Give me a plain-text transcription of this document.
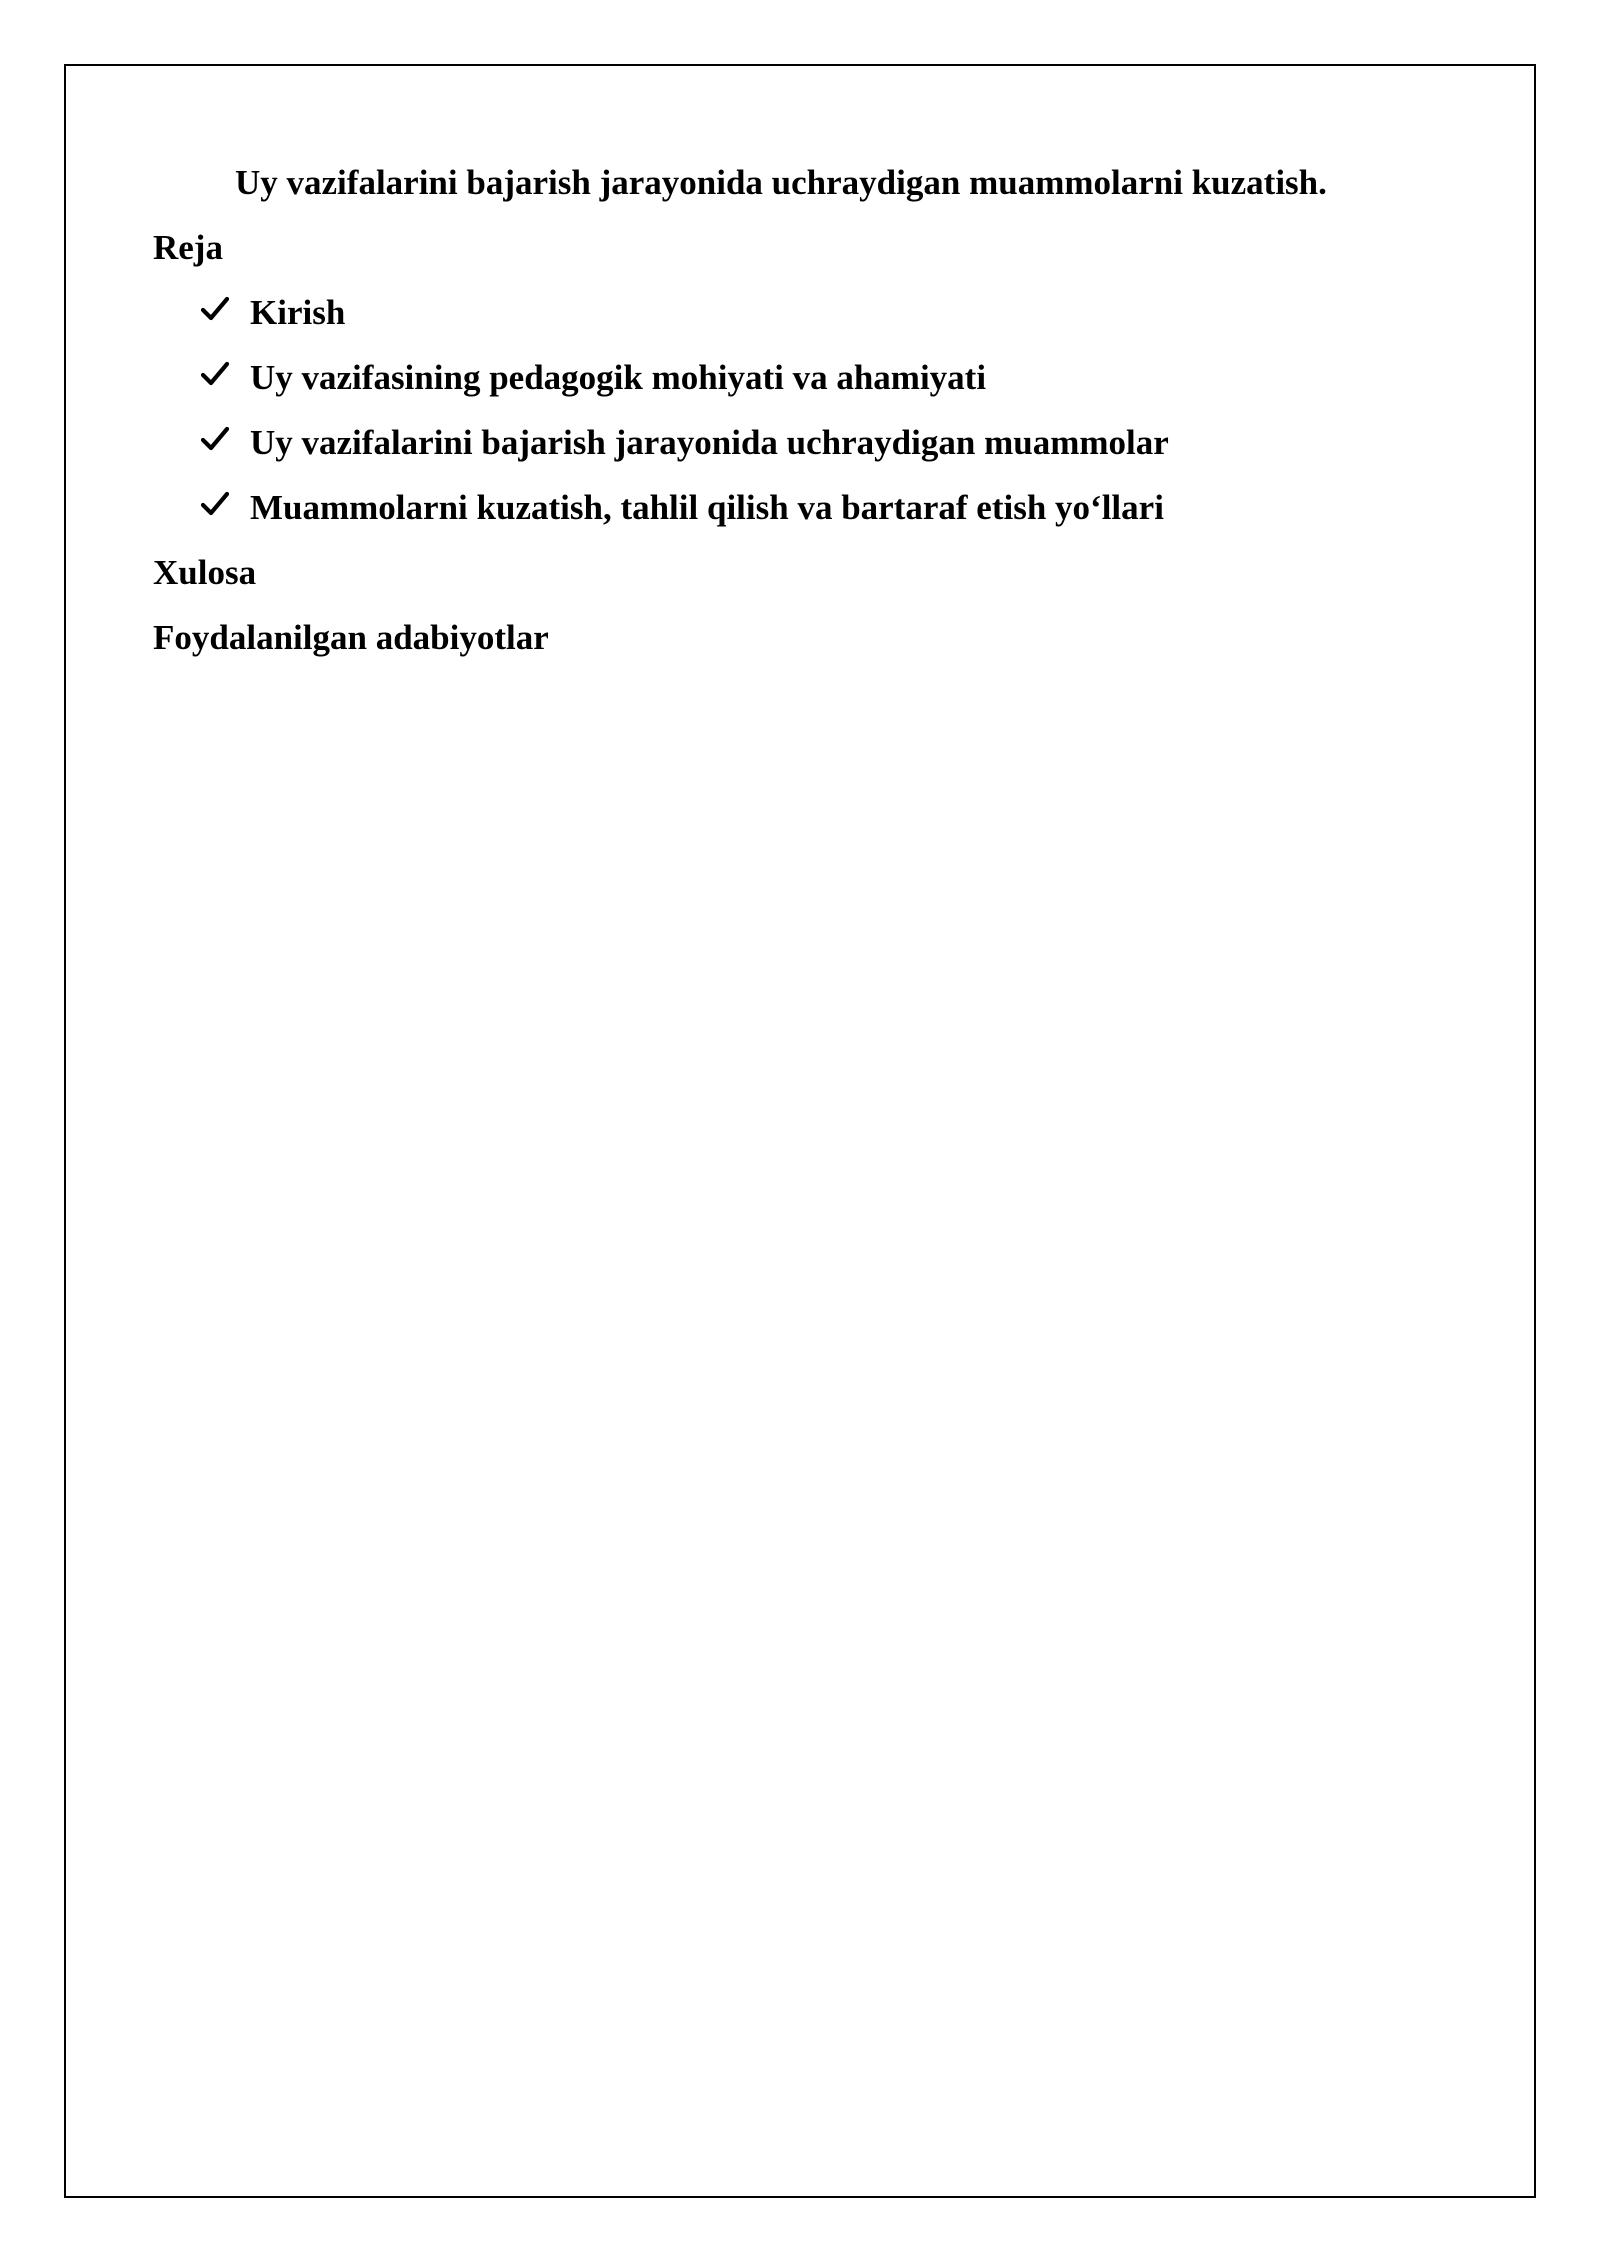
Uy vazifalarini bajarish jarayonida uchraydigan muammolarni kuzatish.
Reja
Kirish
Uy vazifasining pedagogik mohiyati va ahamiyati
Uy vazifalarini bajarish jarayonida uchraydigan muammolar
Muammolarni kuzatish, tahlil qilish va bartaraf etish yo‘llari
Xulosa
Foydalanilgan adabiyotlar
